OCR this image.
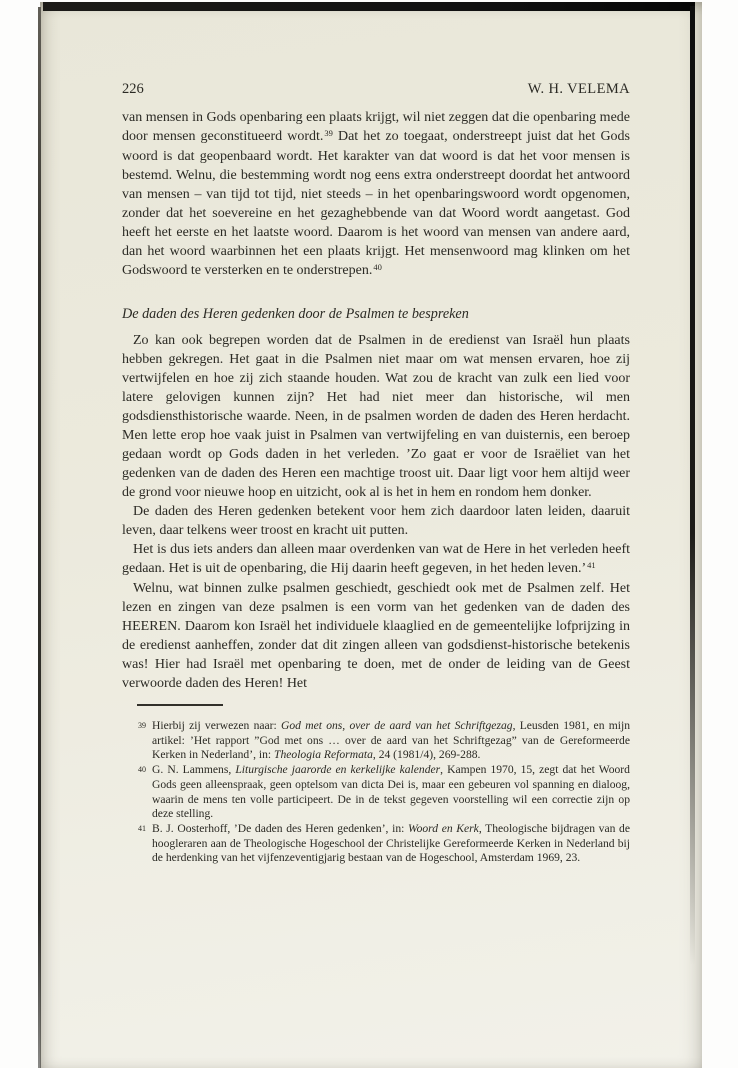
226	W. H. VELEMA

van mensen in Gods openbaring een plaats krijgt, wil niet zeggen dat die openbaring mede door mensen geconstitueerd wordt.$^{39}$ Dat het zo toegaat, onderstreept juist dat het Gods woord is dat geopenbaard wordt. Het karakter van dat woord is dat het voor mensen is bestemd. Welnu, die bestemming wordt nog eens extra onderstreept doordat het antwoord van mensen – van tijd tot tijd, niet steeds – in het openbaringswoord wordt opgenomen, zonder dat het soevereine en het gezaghebbende van dat Woord wordt aangetast. God heeft het eerste en het laatste woord. Daarom is het woord van mensen van andere aard, dan het woord waarbinnen het een plaats krijgt. Het mensenwoord mag klinken om het Godswoord te versterken en te onderstrepen.$^{40}$

De daden des Heren gedenken door de Psalmen te bespreken

Zo kan ook begrepen worden dat de Psalmen in de eredienst van Israël hun plaats hebben gekregen. Het gaat in die Psalmen niet maar om wat mensen ervaren, hoe zij vertwijfelen en hoe zij zich staande houden. Wat zou de kracht van zulk een lied voor latere gelovigen kunnen zijn? Het had niet meer dan historische, wil men godsdiensthistorische waarde. Neen, in de psalmen worden de daden des Heren herdacht. Men lette erop hoe vaak juist in Psalmen van vertwijfeling en van duisternis, een beroep gedaan wordt op Gods daden in het verleden. ’Zo gaat er voor de Israëliet van het gedenken van de daden des Heren een machtige troost uit. Daar ligt voor hem altijd weer de grond voor nieuwe hoop en uitzicht, ook al is het in hem en rondom hem donker.

De daden des Heren gedenken betekent voor hem zich daardoor laten leiden, daaruit leven, daar telkens weer troost en kracht uit putten.

Het is dus iets anders dan alleen maar overdenken van wat de Here in het verleden heeft gedaan. Het is uit de openbaring, die Hij daarin heeft gegeven, in het heden leven.’$^{41}$

Welnu, wat binnen zulke psalmen geschiedt, geschiedt ook met de Psalmen zelf. Het lezen en zingen van deze psalmen is een vorm van het gedenken van de daden des HEEREN. Daarom kon Israël het individuele klaaglied en de gemeentelijke lofprijzing in de eredienst aanheffen, zonder dat dit zingen alleen van godsdienst-historische betekenis was! Hier had Israël met openbaring te doen, met de onder de leiding van de Geest verwoorde daden des Heren! Het

39 Hierbij zij verwezen naar: God met ons, over de aard van het Schriftgezag, Leusden 1981, en mijn artikel: ’Het rapport ”God met ons … over de aard van het Schriftgezag” van de Gereformeerde Kerken in Nederland’, in: Theologia Reformata, 24 (1981/4), 269-288.
40 G. N. Lammens, Liturgische jaarorde en kerkelijke kalender, Kampen 1970, 15, zegt dat het Woord Gods geen alleenspraak, geen optelsom van dicta Dei is, maar een gebeuren vol spanning en dialoog, waarin de mens ten volle participeert. De in de tekst gegeven voorstelling wil een correctie zijn op deze stelling.
41 B. J. Oosterhoff, ’De daden des Heren gedenken’, in: Woord en Kerk, Theologische bijdragen van de hoogleraren aan de Theologische Hogeschool der Christelijke Gereformeerde Kerken in Nederland bij de herdenking van het vijfenzeventigjarig bestaan van de Hogeschool, Amsterdam 1969, 23.
